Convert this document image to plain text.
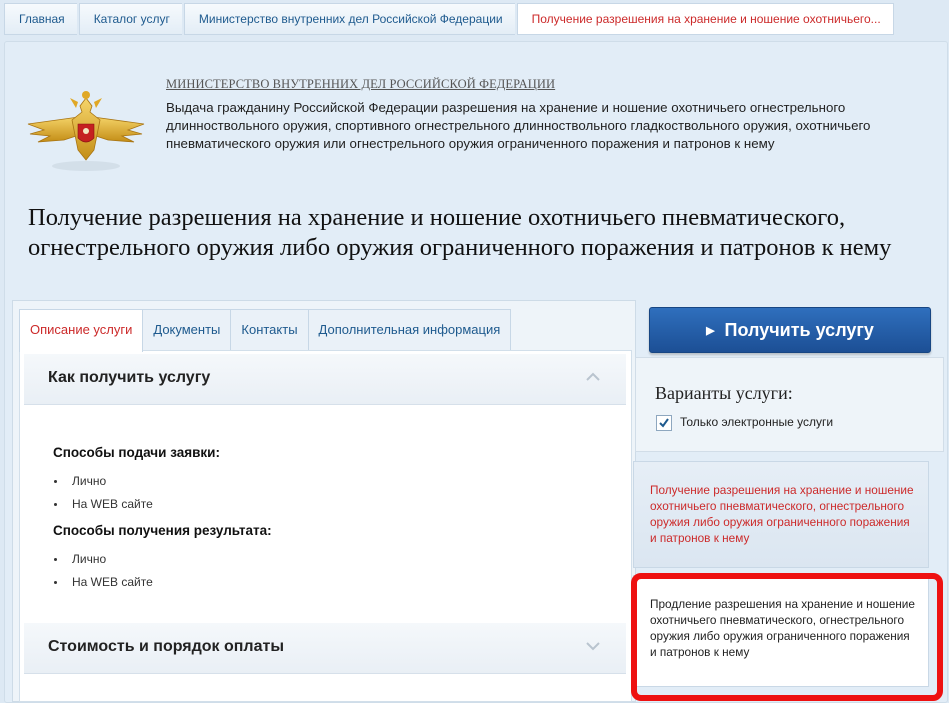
Главная	Каталог услуг	Министерство внутренних дел Российской Федерации	Получение разрешения на хранение и ношение охотничьего...
МИНИСТЕРСТВО ВНУТРЕННИХ ДЕЛ РОССИЙСКОЙ ФЕДЕРАЦИИ
Выдача гражданину Российской Федерации разрешения на хранение и ношение охотничьего огнестрельного длинноствольного оружия, спортивного огнестрельного длинноствольного гладкоствольного оружия, охотничьего пневматического оружия или огнестрельного оружия ограниченного поражения и патронов к нему
Получение разрешения на хранение и ношение охотничьего пневматического, огнестрельного оружия либо оружия ограниченного поражения и патронов к нему
Описание услуги	Документы	Контакты	Дополнительная информация
Как получить услугу
Способы подачи заявки:
Лично
На WEB сайте
Способы получения результата:
Лично
На WEB сайте
Стоимость и порядок оплаты
▶ Получить услугу
Варианты услуги:
Только электронные услуги
Получение разрешения на хранение и ношение охотничьего пневматического, огнестрельного оружия либо оружия ограниченного поражения и патронов к нему
Продление разрешения на хранение и ношение охотничьего пневматического, огнестрельного оружия либо оружия ограниченного поражения и патронов к нему
